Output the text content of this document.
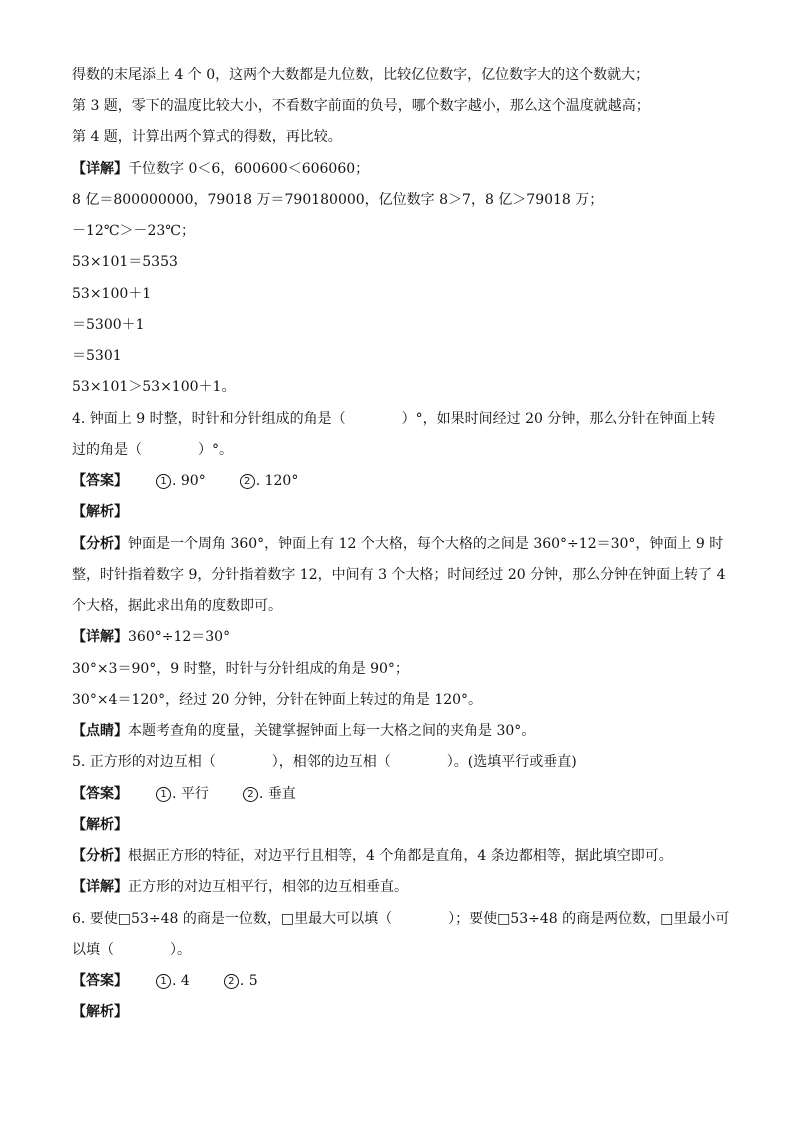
得数的末尾添上 4 个 0，这两个大数都是九位数，比较亿位数字，亿位数字大的这个数就大；
第 3 题，零下的温度比较大小，不看数字前面的负号，哪个数字越小，那么这个温度就越高；
第 4 题，计算出两个算式的得数，再比较。
【详解】千位数字 0＜6，600600＜606060；
8 亿＝800000000，79018 万＝790180000，亿位数字 8＞7，8 亿＞79018 万；
－12℃＞－23℃；
53×101＝5353
53×100＋1
＝5300＋1
＝5301
53×101＞53×100＋1。
4. 钟面上 9 时整，时针和分针组成的角是（　　　　）°，如果时间经过 20 分钟，那么分针在钟面上转
过的角是（　　　　）°。
【答案】	1 . 90°	2 . 120°
【解析】
【分析】钟面是一个周角 360°，钟面上有 12 个大格，每个大格的之间是 360°÷12＝30°，钟面上 9 时
整，时针指着数字 9，分针指着数字 12，中间有 3 个大格；时间经过 20 分钟，那么分钟在钟面上转了 4
个大格，据此求出角的度数即可。
【详解】360°÷12＝30°
30°×3＝90°，9 时整，时针与分针组成的角是 90°；
30°×4＝120°，经过 20 分钟，分针在钟面上转过的角是 120°。
【点睛】本题考查角的度量，关键掌握钟面上每一大格之间的夹角是 30°。
5. 正方形的对边互相（　　　　），相邻的边互相（　　　　）。(选填平行或垂直)
【答案】	1 . 平行	2 . 垂直
【解析】
【分析】根据正方形的特征，对边平行且相等，4 个角都是直角，4 条边都相等，据此填空即可。
【详解】正方形的对边互相平行，相邻的边互相垂直。
6. 要使□53÷48 的商是一位数，□里最大可以填（　　　　）；要使□53÷48 的商是两位数，□里最小可
以填（　　　　）。
【答案】	1 . 4	2 . 5
【解析】
